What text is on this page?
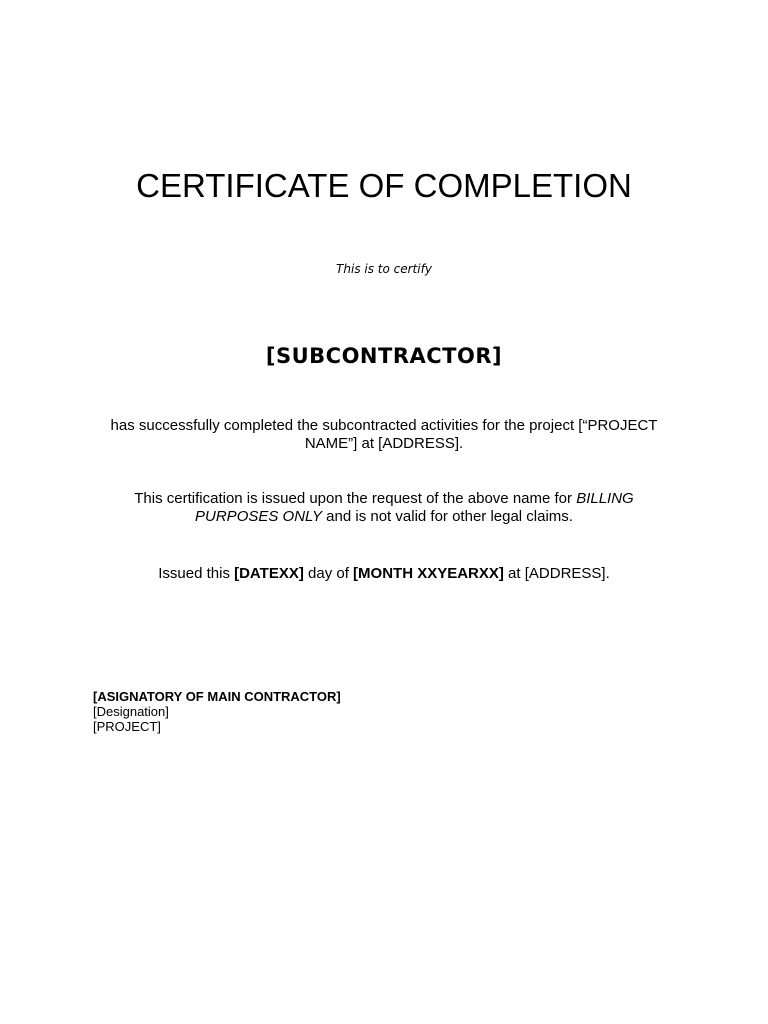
CERTIFICATE OF COMPLETION
This is to certify
[SUBCONTRACTOR]
has successfully completed the subcontracted activities for the project [“PROJECT NAME”] at [ADDRESS].
This certification is issued upon the request of the above name for BILLING PURPOSES ONLY and is not valid for other legal claims.
Issued this [DATEXX] day of [MONTH XXYEARXX] at [ADDRESS].
[ASIGNATORY OF MAIN CONTRACTOR]
[Designation]
[PROJECT]
